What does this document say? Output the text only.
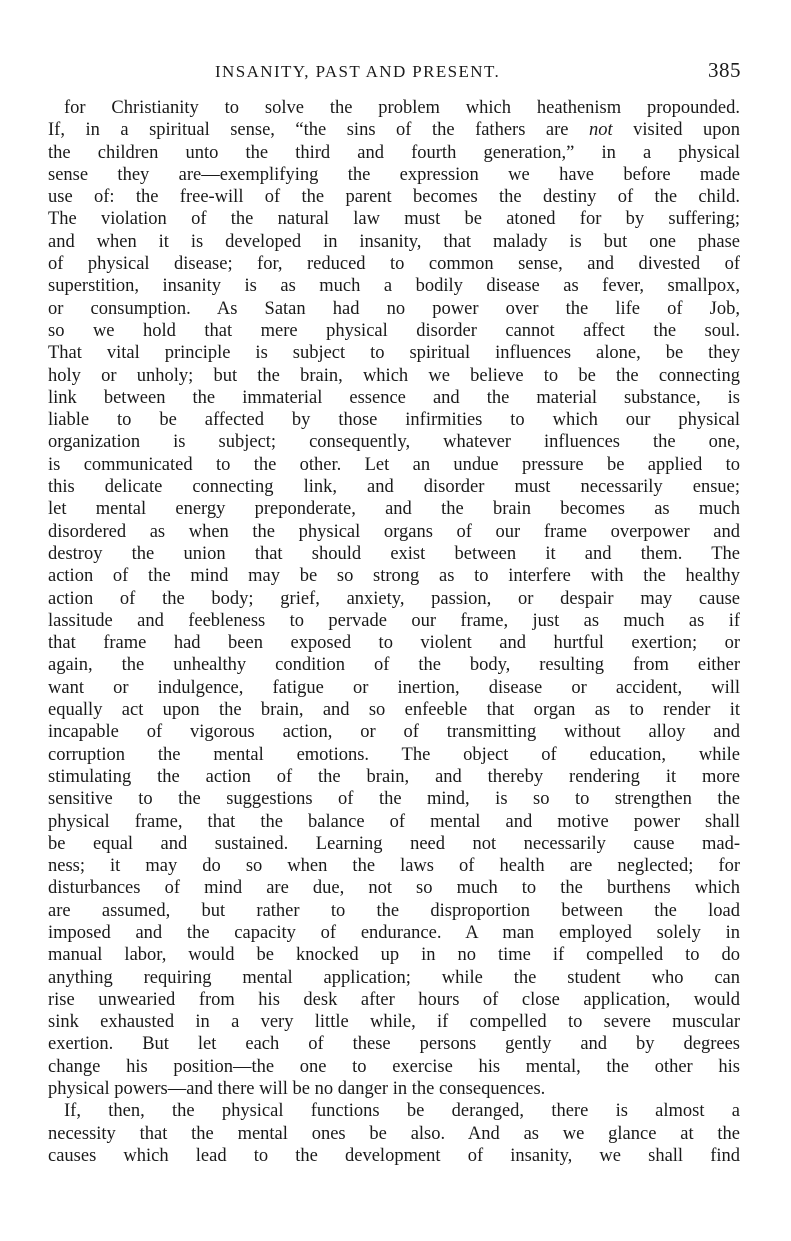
INSANITY, PAST AND PRESENT.	385
for Christianity to solve the problem which heathenism propounded.
If, in a spiritual sense, “the sins of the fathers are not visited upon
the children unto the third and fourth generation,” in a physical
sense they are—exemplifying the expression we have before made
use of: the free-will of the parent becomes the destiny of the child.
The violation of the natural law must be atoned for by suffering;
and when it is developed in insanity, that malady is but one phase
of physical disease; for, reduced to common sense, and divested of
superstition, insanity is as much a bodily disease as fever, smallpox,
or consumption. As Satan had no power over the life of Job,
so we hold that mere physical disorder cannot affect the soul.
That vital principle is subject to spiritual influences alone, be they
holy or unholy; but the brain, which we believe to be the connecting
link between the immaterial essence and the material substance, is
liable to be affected by those infirmities to which our physical
organization is subject; consequently, whatever influences the one,
is communicated to the other. Let an undue pressure be applied to
this delicate connecting link, and disorder must necessarily ensue;
let mental energy preponderate, and the brain becomes as much
disordered as when the physical organs of our frame overpower and
destroy the union that should exist between it and them. The
action of the mind may be so strong as to interfere with the healthy
action of the body; grief, anxiety, passion, or despair may cause
lassitude and feebleness to pervade our frame, just as much as if
that frame had been exposed to violent and hurtful exertion; or
again, the unhealthy condition of the body, resulting from either
want or indulgence, fatigue or inertion, disease or accident, will
equally act upon the brain, and so enfeeble that organ as to render it
incapable of vigorous action, or of transmitting without alloy and
corruption the mental emotions. The object of education, while
stimulating the action of the brain, and thereby rendering it more
sensitive to the suggestions of the mind, is so to strengthen the
physical frame, that the balance of mental and motive power shall
be equal and sustained. Learning need not necessarily cause mad-
ness; it may do so when the laws of health are neglected; for
disturbances of mind are due, not so much to the burthens which
are assumed, but rather to the disproportion between the load
imposed and the capacity of endurance. A man employed solely in
manual labor, would be knocked up in no time if compelled to do
anything requiring mental application; while the student who can
rise unwearied from his desk after hours of close application, would
sink exhausted in a very little while, if compelled to severe muscular
exertion. But let each of these persons gently and by degrees
change his position—the one to exercise his mental, the other his
physical powers—and there will be no danger in the consequences.
If, then, the physical functions be deranged, there is almost a
necessity that the mental ones be also. And as we glance at the
causes which lead to the development of insanity, we shall find
